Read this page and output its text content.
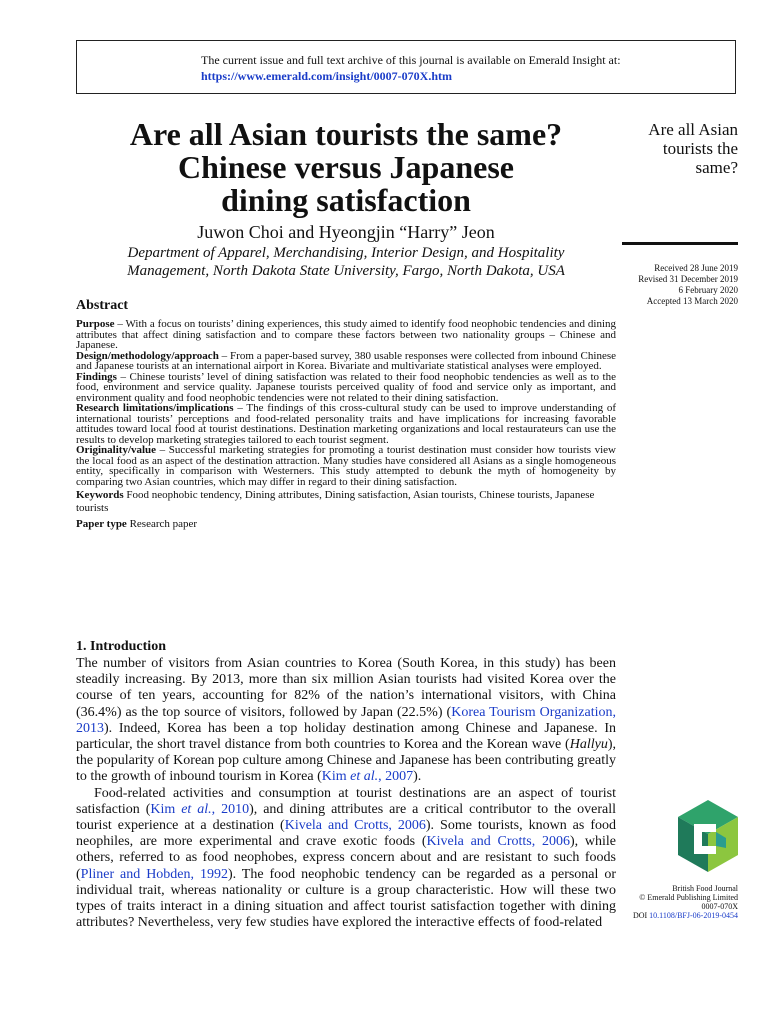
The current issue and full text archive of this journal is available on Emerald Insight at:
https://www.emerald.com/insight/0007-070X.htm
Are all Asian tourists the same?
Chinese versus Japanese
dining satisfaction
Juwon Choi and Hyeongjin “Harry” Jeon
Department of Apparel, Merchandising, Interior Design, and Hospitality
Management, North Dakota State University, Fargo, North Dakota, USA
Are all Asian
tourists the
same?
Received 28 June 2019
Revised 31 December 2019
6 February 2020
Accepted 13 March 2020
Abstract

Purpose – With a focus on tourists’ dining experiences, this study aimed to identify food neophobic tendencies and dining attributes that affect dining satisfaction and to compare these factors between two nationality groups – Chinese and Japanese.

Design/methodology/approach – From a paper-based survey, 380 usable responses were collected from inbound Chinese and Japanese tourists at an international airport in Korea. Bivariate and multivariate statistical analyses were employed.

Findings – Chinese tourists’ level of dining satisfaction was related to their food neophobic tendencies as well as to the food, environment and service quality. Japanese tourists perceived quality of food and service only as important, and environment quality and food neophobic tendencies were not related to their dining satisfaction.

Research limitations/implications – The findings of this cross-cultural study can be used to improve understanding of international tourists’ perceptions and food-related personality traits and have implications for increasing favorable attitudes toward local food at tourist destinations. Destination marketing organizations and local restaurateurs can use the results to develop marketing strategies tailored to each tourist segment.

Originality/value – Successful marketing strategies for promoting a tourist destination must consider how tourists view the local food as an aspect of the destination attraction. Many studies have considered all Asians as a single homogeneous entity, specifically in comparison with Westerners. This study attempted to debunk the myth of homogeneity by comparing two Asian countries, which may differ in regard to their dining satisfaction.

Keywords Food neophobic tendency, Dining attributes, Dining satisfaction, Asian tourists, Chinese tourists, Japanese tourists
Paper type Research paper
1. Introduction

The number of visitors from Asian countries to Korea (South Korea, in this study) has been steadily increasing. By 2013, more than six million Asian tourists had visited Korea over the course of ten years, accounting for 82% of the nation’s international visitors, with China (36.4%) as the top source of visitors, followed by Japan (22.5%) (Korea Tourism Organization, 2013). Indeed, Korea has been a top holiday destination among Chinese and Japanese. In particular, the short travel distance from both countries to Korea and the Korean wave (Hallyu), the popularity of Korean pop culture among Chinese and Japanese has been contributing greatly to the growth of inbound tourism in Korea (Kim et al., 2007).

Food-related activities and consumption at tourist destinations are an aspect of tourist satisfaction (Kim et al., 2010), and dining attributes are a critical contributor to the overall tourist experience at a destination (Kivela and Crotts, 2006). Some tourists, known as food neophiles, are more experimental and crave exotic foods (Kivela and Crotts, 2006), while others, referred to as food neophobes, express concern about and are resistant to such foods (Pliner and Hobden, 1992). The food neophobic tendency can be regarded as a personal or individual trait, whereas nationality or culture is a group characteristic. How will these two types of traits interact in a dining situation and affect tourist satisfaction together with dining attributes? Nevertheless, very few studies have explored the interactive effects of food-related

British Food Journal
© Emerald Publishing Limited
0007-070X
DOI 10.1108/BFJ-06-2019-0454
